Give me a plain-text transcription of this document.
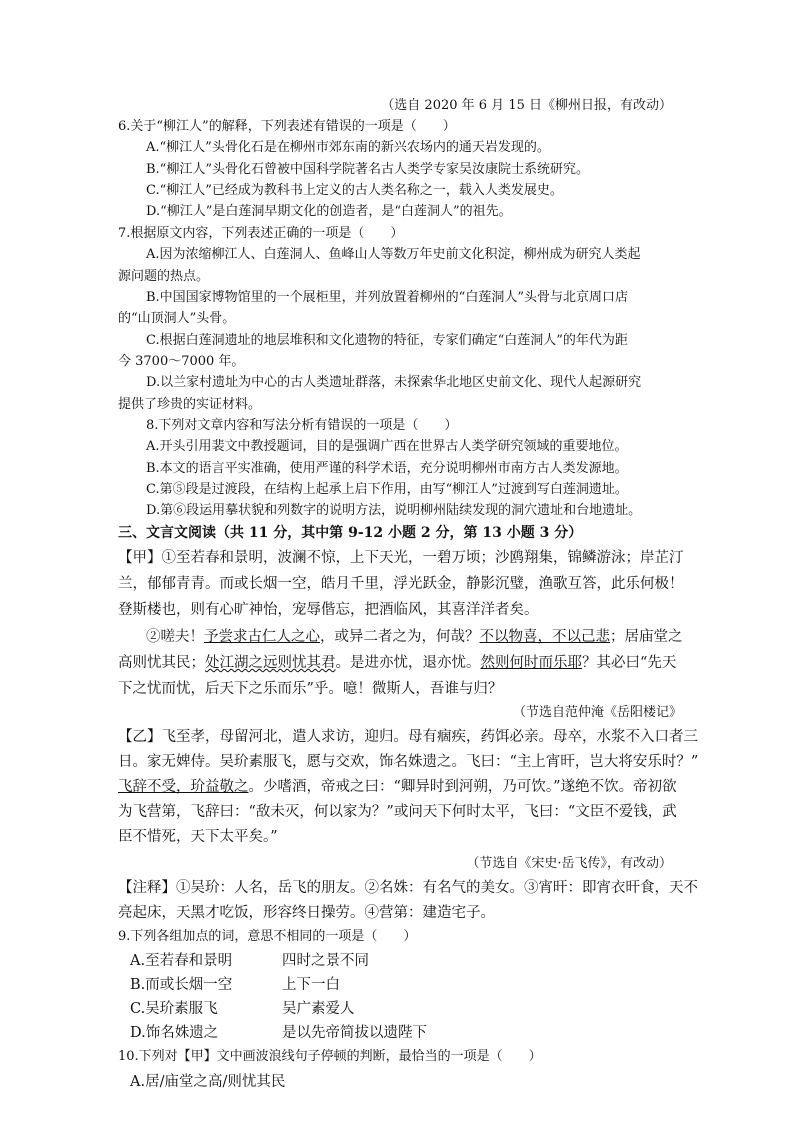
（选自 2020 年 6 月 15 日《柳州日报，有改动）
6.关于“柳江人”的解释，下列表述有错误的一项是（　　）
A.“柳江人”头骨化石是在柳州市郊东南的新兴农场内的通天岩发现的。
B.“柳江人”头骨化石曾被中国科学院著名古人类学专家吴汝康院士系统研究。
C.“柳江人”已经成为教科书上定义的古人类名称之一，载入人类发展史。
D.“柳江人”是白莲洞早期文化的创造者，是“白莲洞人”的祖先。
7.根据原文内容，下列表述正确的一项是（　　）
A.因为浓缩柳江人、白莲洞人、鱼峰山人等数万年史前文化积淀，柳州成为研究人类起
源问题的热点。
B.中国国家博物馆里的一个展柜里，并列放置着柳州的“白莲洞人”头骨与北京周口店
的“山顶洞人”头骨。
C.根据白莲洞遗址的地层堆积和文化遗物的特征，专家们确定“白莲洞人”的年代为距
今 3700～7000 年。
D.以兰家村遗址为中心的古人类遗址群落，未探索华北地区史前文化、现代人起源研究
提供了珍贵的实证材料。
8.下列对文章内容和写法分析有错误的一项是（　　）
A.开头引用裴文中教授题词，目的是强调广西在世界古人类学研究领域的重要地位。
B.本文的语言平实准确，使用严谨的科学术语，充分说明柳州市南方古人类发源地。
C.第⑤段是过渡段，在结构上起承上启下作用，由写“柳江人”过渡到写白莲洞遗址。
D.第⑥段运用摹状貌和列数字的说明方法，说明柳州陆续发现的洞穴遗址和台地遗址。
三、文言文阅读（共 11 分，其中第 9-12 小题 2 分，第 13 小题 3 分）
【甲】①至若春和景明，波澜不惊，上下天光，一碧万顷；沙鸥翔集，锦鳞游泳；岸芷汀
兰，郁郁青青。而或长烟一空，皓月千里，浮光跃金，静影沉璧，渔歌互答，此乐何极！
登斯楼也，则有心旷神怡，宠辱偕忘，把酒临风，其喜洋洋者矣。
②嗟夫！予尝求古仁人之心，或异二者之为，何哉？不以物喜，不以己悲；居庙堂之
高则忧其民；处江湖之远则忧其君。是进亦忧，退亦忧。然则何时而乐耶？其必曰“先天
下之忧而忧，后天下之乐而乐”乎。噫！微斯人，吾谁与归？
（节选自范仲淹《岳阳楼记》
【乙】飞至孝，母留河北，遣人求访，迎归。母有痼疾，药饵必亲。母卒，水浆不入口者三
日。家无婢侍。吴玠素服飞，愿与交欢，饰名姝遗之。飞曰：“主上宵旰，岂大将安乐时？”
飞辞不受，玠益敬之。少嗜酒，帝戒之曰：“卿异时到河朔，乃可饮。”遂绝不饮。帝初欲
为飞营第，飞辞曰：“敌未灭，何以家为？”或问天下何时太平，飞曰：“文臣不爱钱，武
臣不惜死，天下太平矣。”
（节选自《宋史·岳飞传》，有改动）
【注释】①吴玠：人名，岳飞的朋友。②名姝：有名气的美女。③宵旰：即宵衣旰食，天不
亮起床，天黑才吃饭，形容终日操劳。④营第：建造宅子。
9.下列各组加点的词，意思不相同的一项是（　　）
A.至若春和景明	四时之景不同
B.而或长烟一空	上下一白
C.吴玠素服飞	吴广素爱人
D.饰名姝遗之	是以先帝简拔以遗陛下
10.下列对【甲】文中画波浪线句子停顿的判断，最恰当的一项是（　　）
A.居/庙堂之高/则忧其民
